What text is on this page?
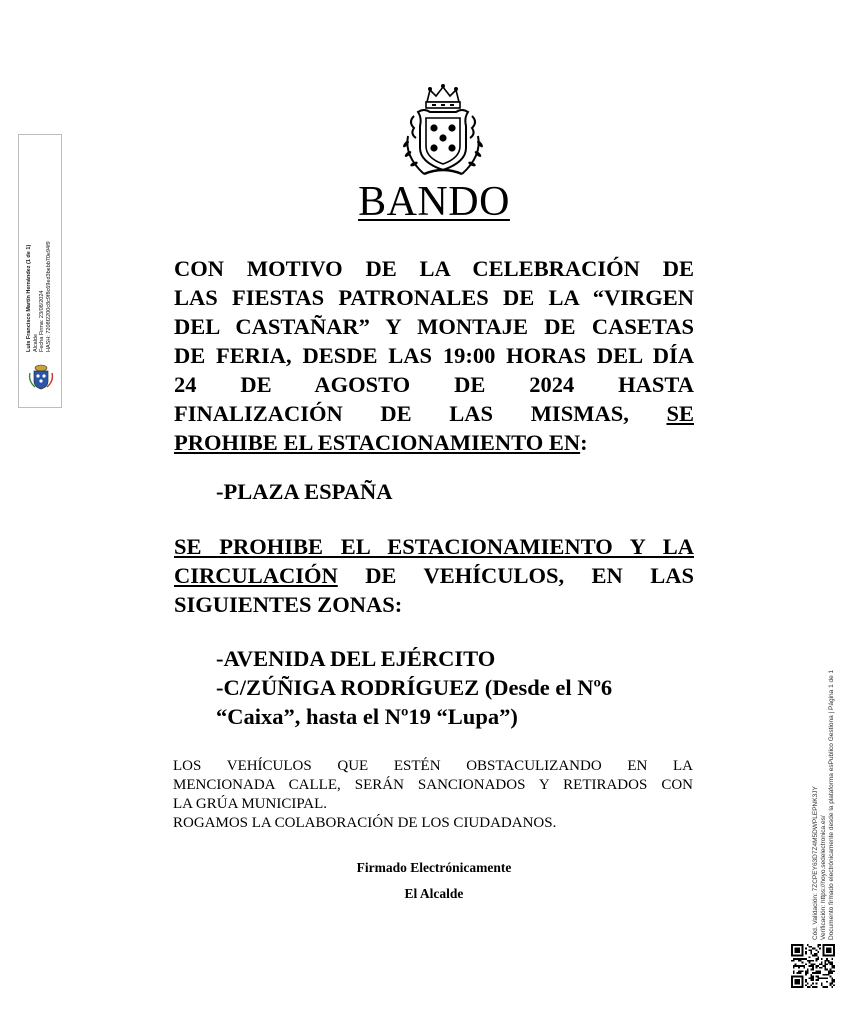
Luis Francisco Martín Hernández (1 de 1) Alcalde Fecha Firma: 23/08/2024 HASH: 7208f2200c8c9f8c69ed3bebb70e94f9
Cód. Validación: 7ZCPEY63D7Z4M5DWPLEPNK3JY Verificación: https://hoyo.sedelectronica.es/ Documento firmado electrónicamente desde la plataforma esPublico Gestiona | Página 1 de 1
BANDO
CON MOTIVO DE LA CELEBRACIÓN DE
LAS FIESTAS PATRONALES DE LA “VIRGEN
DEL CASTAÑAR” Y MONTAJE DE CASETAS
DE FERIA, DESDE LAS 19:00 HORAS DEL DÍA
24 DE AGOSTO DE 2024 HASTA
FINALIZACIÓN DE LAS MISMAS, SE
PROHIBE EL ESTACIONAMIENTO EN:
-PLAZA ESPAÑA
SE PROHIBE EL ESTACIONAMIENTO Y LA
CIRCULACIÓN DE VEHÍCULOS, EN LAS
SIGUIENTES ZONAS:
-AVENIDA DEL EJÉRCITO
-C/ZÚÑIGA RODRÍGUEZ (Desde el Nº6
“Caixa”, hasta el Nº19 “Lupa”)
LOS VEHÍCULOS QUE ESTÉN OBSTACULIZANDO EN LA
MENCIONADA CALLE, SERÁN SANCIONADOS Y RETIRADOS CON
LA GRÚA MUNICIPAL.
ROGAMOS LA COLABORACIÓN DE LOS CIUDADANOS.
Firmado Electrónicamente
El Alcalde
